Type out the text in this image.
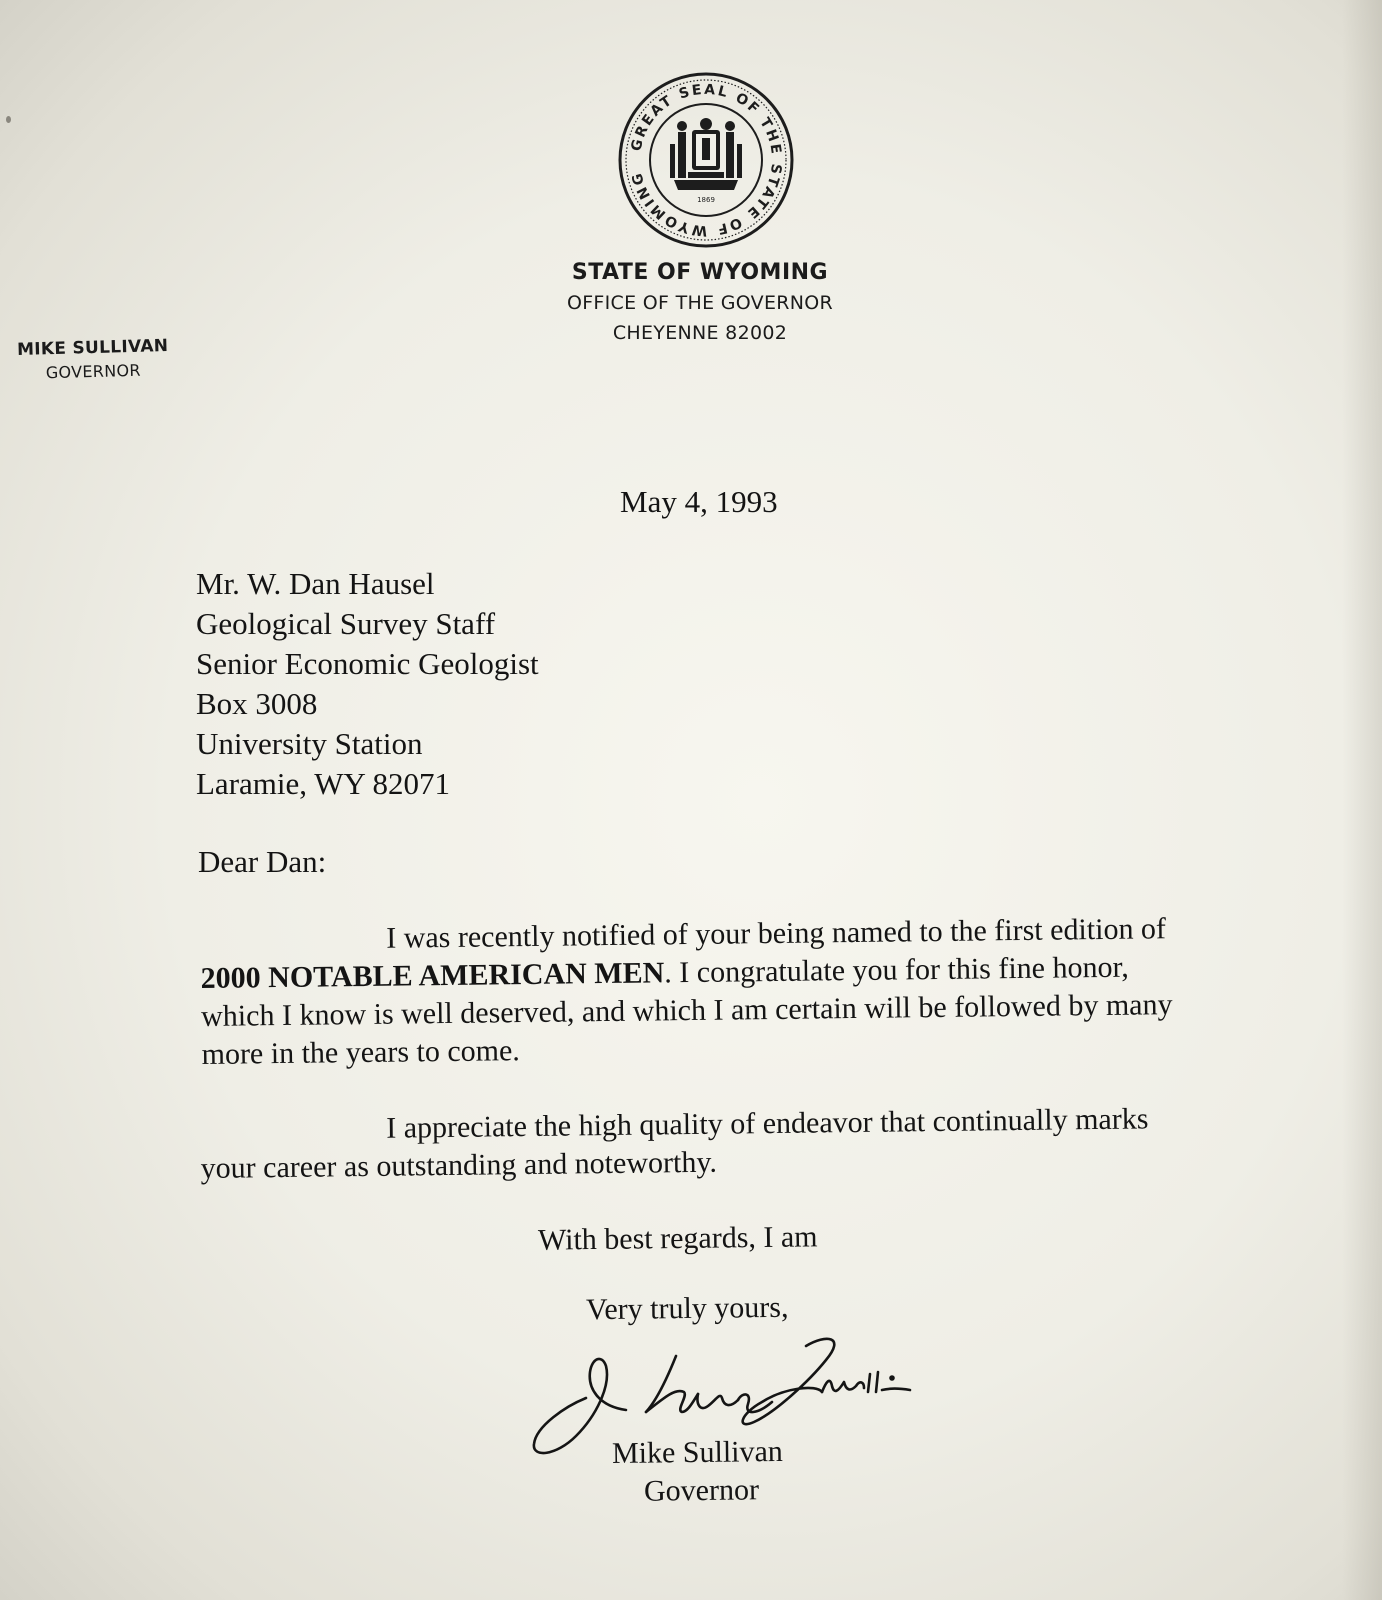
GREAT SEAL OF THE STATE OF WYOMING
1869
STATE OF WYOMING
OFFICE OF THE GOVERNOR
CHEYENNE 82002
MIKE SULLIVAN
GOVERNOR
May 4, 1993
Mr. W. Dan Hausel
Geological Survey Staff
Senior Economic Geologist
Box 3008
University Station
Laramie, WY 82071
Dear Dan:
I was recently notified of your being named to the first edition of 2000 NOTABLE AMERICAN MEN. I congratulate you for this fine honor, which I know is well deserved, and which I am certain will be followed by many more in the years to come.
I appreciate the high quality of endeavor that continually marks your career as outstanding and noteworthy.
With best regards, I am
Very truly yours,
Mike Sullivan
Governor
